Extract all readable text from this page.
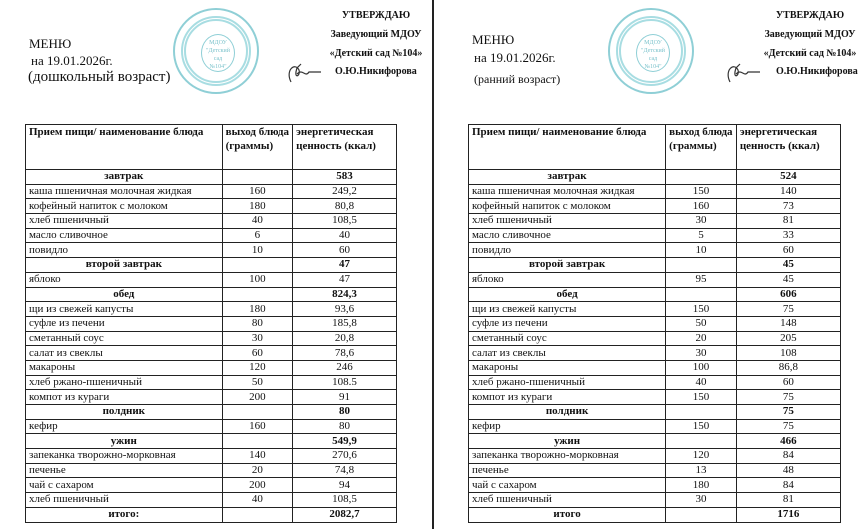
МЕНЮ
на 19.01.2026г.
(дошкольный возраст)
МДОУ
"Детский
сад
№104"
УТВЕРЖДАЮ
Заведующий МДОУ
«Детский сад №104»
О.Ю.Никифорова
Прием пищи/ наименование блюда	выход блюда (граммы)	энергетическая ценность (ккал)
завтрак		583
каша пшеничная молочная жидкая	160	249,2
кофейный напиток с молоком	180	80,8
хлеб пшеничный	40	108,5
масло сливочное	6	40
повидло	10	60
второй завтрак		47
яблоко	100	47
обед		824,3
щи из свежей капусты	180	93,6
суфле из печени	80	185,8
сметанный соус	30	20,8
салат из свеклы	60	78,6
макароны	120	246
хлеб ржано-пшеничный	50	108.5
компот из кураги	200	91
полдник		80
кефир	160	80
ужин		549,9
запеканка творожно-морковная	140	270,6
печенье	20	74,8
чай с сахаром	200	94
хлеб пшеничный	40	108,5
итого:		2082,7
МЕНЮ
на 19.01.2026г.
(ранний возраст)
МДОУ
"Детский
сад
№104"
УТВЕРЖДАЮ
Заведующий МДОУ
«Детский сад №104»
О.Ю.Никифорова
Прием пищи/ наименование блюда	выход блюда (граммы)	энергетическая ценность (ккал)
завтрак		524
каша пшеничная молочная жидкая	150	140
кофейный напиток с молоком	160	73
хлеб пшеничный	30	81
масло сливочное	5	33
повидло	10	60
второй завтрак		45
яблоко	95	45
обед		606
щи из свежей капусты	150	75
суфле из печени	50	148
сметанный соус	20	205
салат из свеклы	30	108
макароны	100	86,8
хлеб ржано-пшеничный	40	60
компот из кураги	150	75
полдник		75
кефир	150	75
ужин		466
запеканка творожно-морковная	120	84
печенье	13	48
чай с сахаром	180	84
хлеб пшеничный	30	81
итого		1716
